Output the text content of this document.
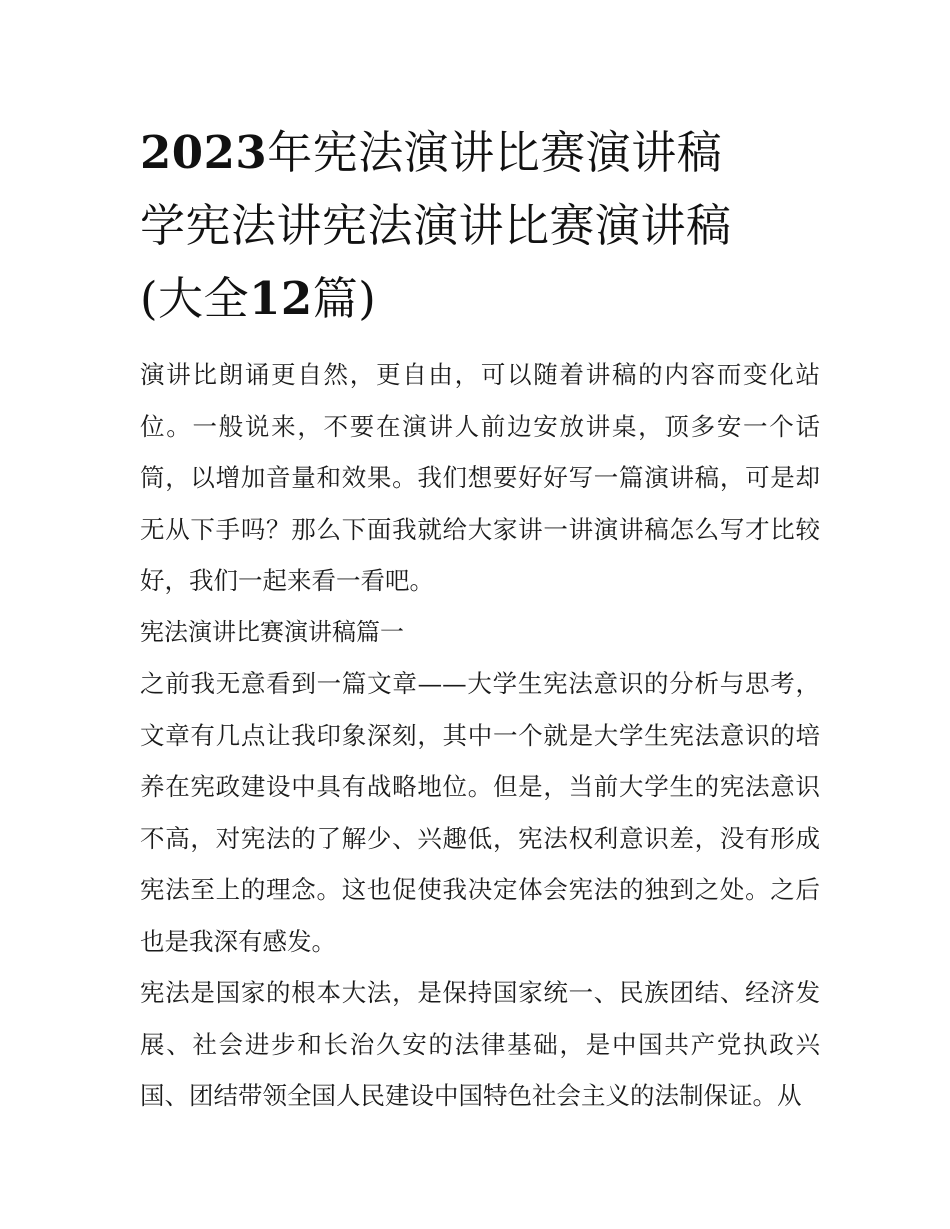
2023年宪法演讲比赛演讲稿
学宪法讲宪法演讲比赛演讲稿
(大全12篇)

演讲比朗诵更自然，更自由，可以随着讲稿的内容而变化站位。一般说来，不要在演讲人前边安放讲桌，顶多安一个话筒，以增加音量和效果。我们想要好好写一篇演讲稿，可是却无从下手吗？那么下面我就给大家讲一讲演讲稿怎么写才比较好，我们一起来看一看吧。

宪法演讲比赛演讲稿篇一

之前我无意看到一篇文章——大学生宪法意识的分析与思考，文章有几点让我印象深刻，其中一个就是大学生宪法意识的培养在宪政建设中具有战略地位。但是，当前大学生的宪法意识不高，对宪法的了解少、兴趣低，宪法权利意识差，没有形成宪法至上的理念。这也促使我决定体会宪法的独到之处。之后也是我深有感发。

宪法是国家的根本大法，是保持国家统一、民族团结、经济发展、社会进步和长治久安的法律基础，是中国共产党执政兴国、团结带领全国人民建设中国特色社会主义的法制保证。从
